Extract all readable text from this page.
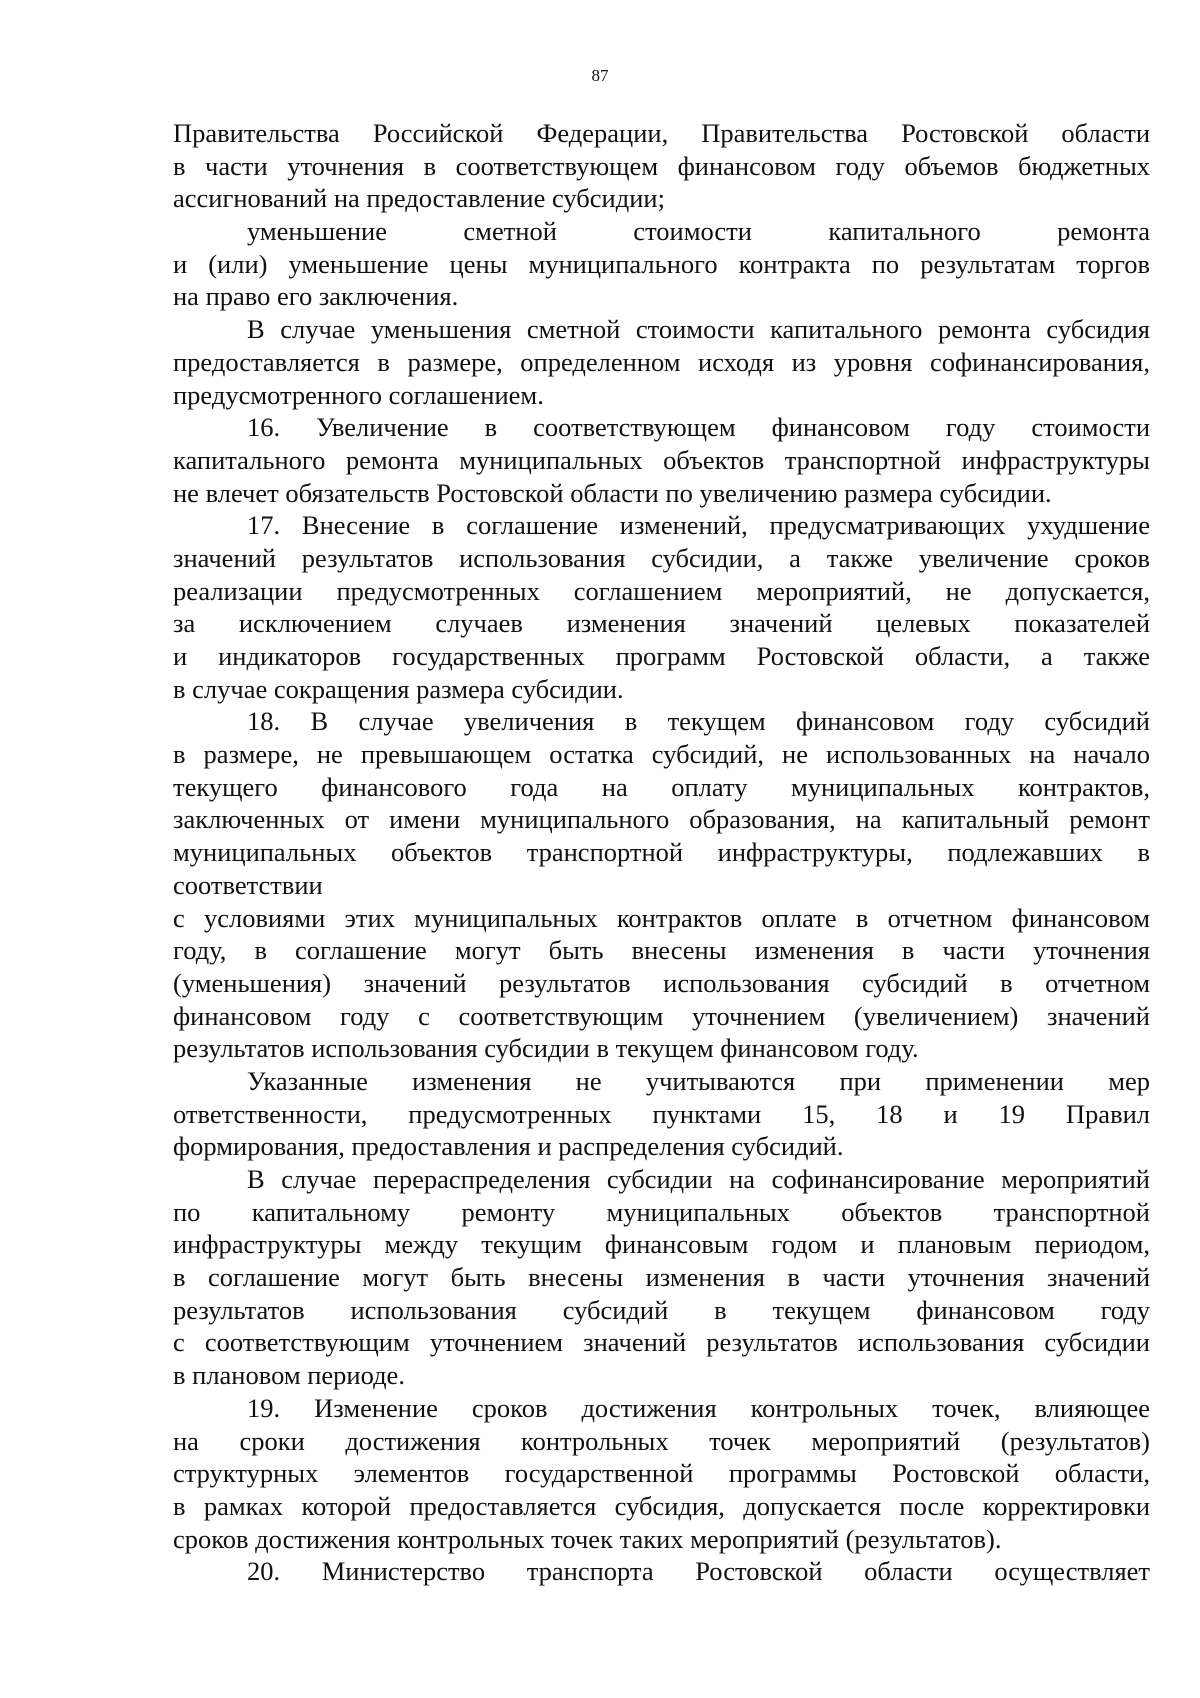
87
Правительства Российской Федерации, Правительства Ростовской области
в части уточнения в соответствующем финансовом году объемов бюджетных
ассигнований на предоставление субсидии;
уменьшение сметной стоимости капитального ремонта
и (или) уменьшение цены муниципального контракта по результатам торгов
на право его заключения.
В случае уменьшения сметной стоимости капитального ремонта субсидия
предоставляется в размере, определенном исходя из уровня софинансирования,
предусмотренного соглашением.
16. Увеличение в соответствующем финансовом году стоимости
капитального ремонта муниципальных объектов транспортной инфраструктуры
не влечет обязательств Ростовской области по увеличению размера субсидии.
17. Внесение в соглашение изменений, предусматривающих ухудшение
значений результатов использования субсидии, а также увеличение сроков
реализации предусмотренных соглашением мероприятий, не допускается,
за исключением случаев изменения значений целевых показателей
и индикаторов государственных программ Ростовской области, а также
в случае сокращения размера субсидии.
18. В случае увеличения в текущем финансовом году субсидий
в размере, не превышающем остатка субсидий, не использованных на начало
текущего финансового года на оплату муниципальных контрактов,
заключенных от имени муниципального образования, на капитальный ремонт
муниципальных объектов транспортной инфраструктуры, подлежавших в
соответствии
с условиями этих муниципальных контрактов оплате в отчетном финансовом
году, в соглашение могут быть внесены изменения в части уточнения
(уменьшения) значений результатов использования субсидий в отчетном
финансовом году с соответствующим уточнением (увеличением) значений
результатов использования субсидии в текущем финансовом году.
Указанные изменения не учитываются при применении мер
ответственности, предусмотренных пунктами 15, 18 и 19 Правил
формирования, предоставления и распределения субсидий.
В случае перераспределения субсидии на софинансирование мероприятий
по капитальному ремонту муниципальных объектов транспортной
инфраструктуры между текущим финансовым годом и плановым периодом,
в соглашение могут быть внесены изменения в части уточнения значений
результатов использования субсидий в текущем финансовом году
с соответствующим уточнением значений результатов использования субсидии
в плановом периоде.
19. Изменение сроков достижения контрольных точек, влияющее
на сроки достижения контрольных точек мероприятий (результатов)
структурных элементов государственной программы Ростовской области,
в рамках которой предоставляется субсидия, допускается после корректировки
сроков достижения контрольных точек таких мероприятий (результатов).
20. Министерство транспорта Ростовской области осуществляет
